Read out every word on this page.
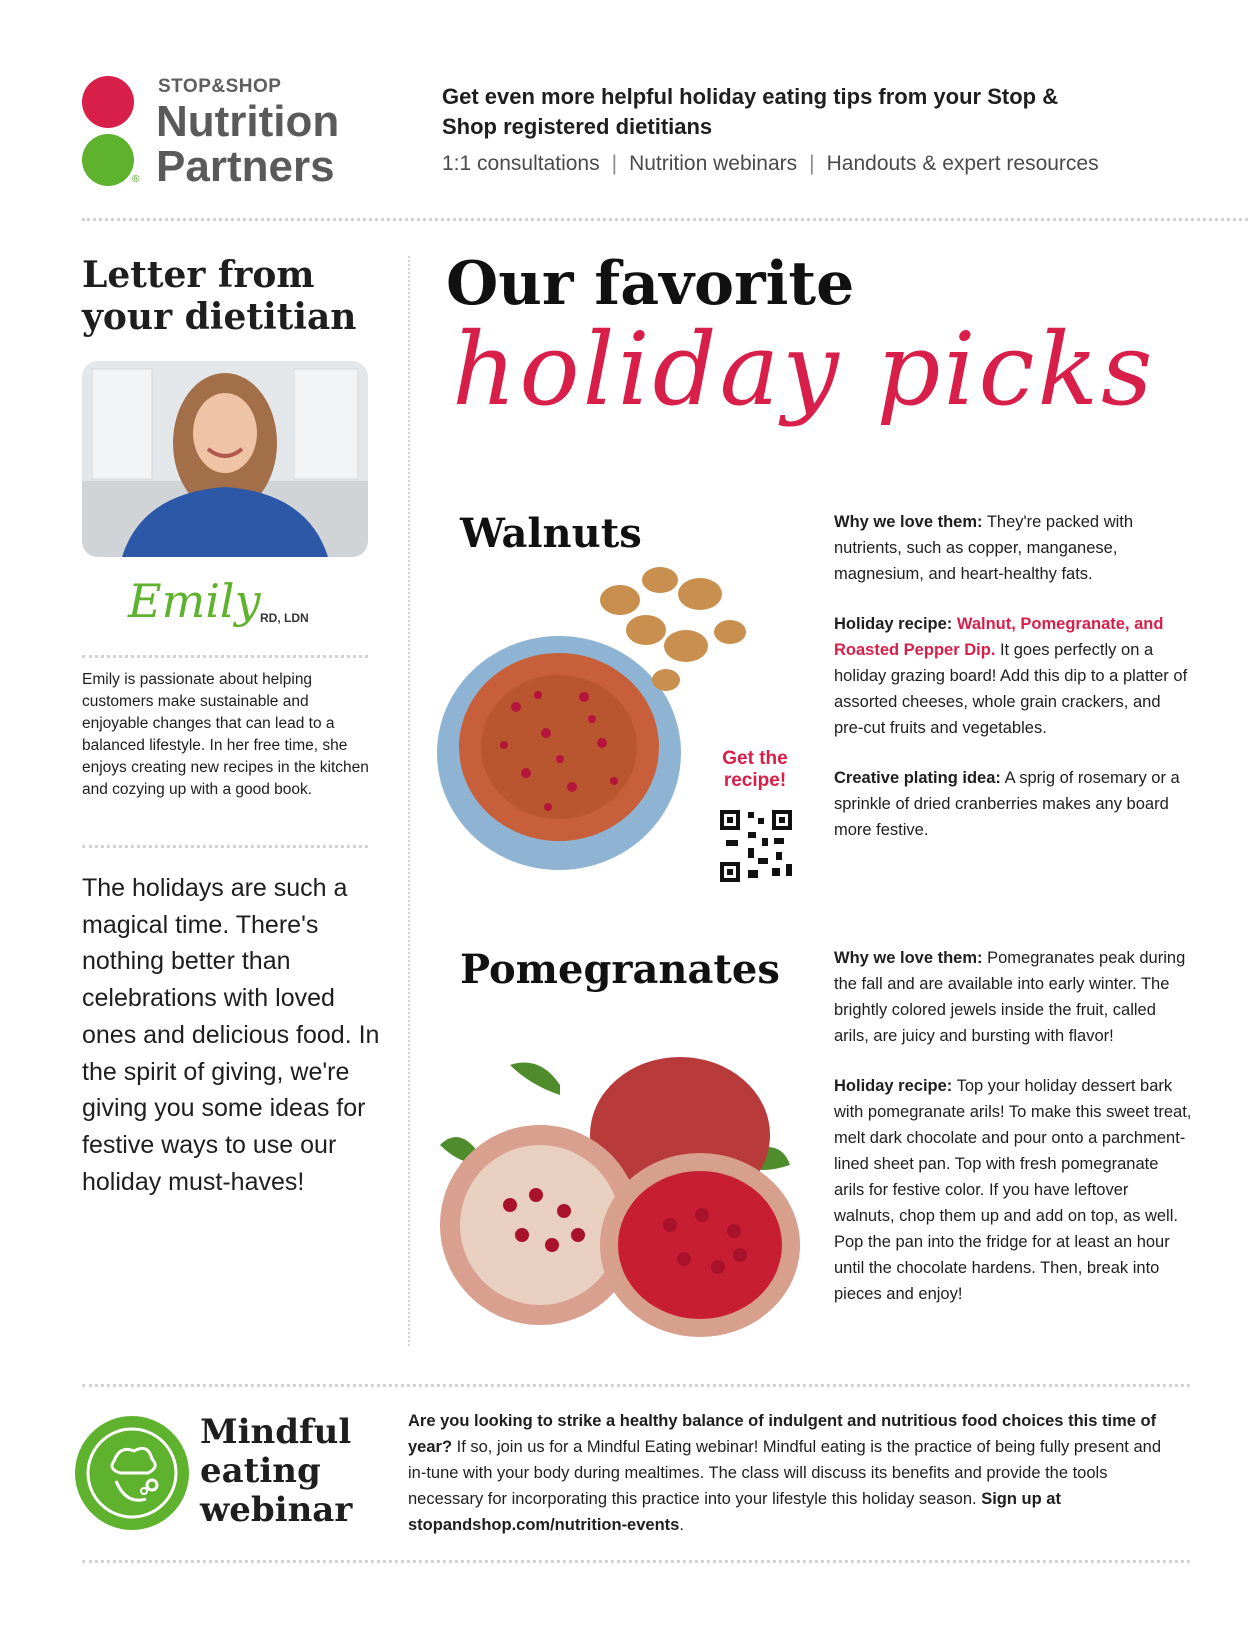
®
STOP&SHOP
Nutrition
Partners
Get even more helpful holiday eating tips from your Stop & Shop registered dietitians
1:1 consultations | Nutrition webinars | Handouts & expert resources
Letter from your dietitian
Emily RD, LDN
Emily is passionate about helping customers make sustainable and enjoyable changes that can lead to a balanced lifestyle. In her free time, she enjoys creating new recipes in the kitchen and cozying up with a good book.
The holidays are such a magical time. There's nothing better than celebrations with loved ones and delicious food. In the spirit of giving, we're giving you some ideas for festive ways to use our holiday must-haves!
Our favorite
holiday picks
Walnuts
Get the recipe!

Why we love them: They're packed with nutrients, such as copper, manganese, magnesium, and heart-healthy fats.

Holiday recipe: Walnut, Pomegranate, and Roasted Pepper Dip. It goes perfectly on a holiday grazing board! Add this dip to a platter of assorted cheeses, whole grain crackers, and pre-cut fruits and vegetables.

Creative plating idea: A sprig of rosemary or a sprinkle of dried cranberries makes any board more festive.

Pomegranates	Why we love them: Pomegranates peak during the fall and are available into early winter. The brightly colored jewels inside the fruit, called arils, are juicy and bursting with flavor!

Holiday recipe: Top your holiday dessert bark with pomegranate arils! To make this sweet treat, melt dark chocolate and pour onto a parchment-lined sheet pan. Top with fresh pomegranate arils for festive color. If you have leftover walnuts, chop them up and add on top, as well. Pop the pan into the fridge for at least an hour until the chocolate hardens. Then, break into pieces and enjoy!

Mindful eating webinar
Are you looking to strike a healthy balance of indulgent and nutritious food choices this time of year? If so, join us for a Mindful Eating webinar! Mindful eating is the practice of being fully present and in-tune with your body during mealtimes. The class will discuss its benefits and provide the tools necessary for incorporating this practice into your lifestyle this holiday season. Sign up at stopandshop.com/nutrition-events.
